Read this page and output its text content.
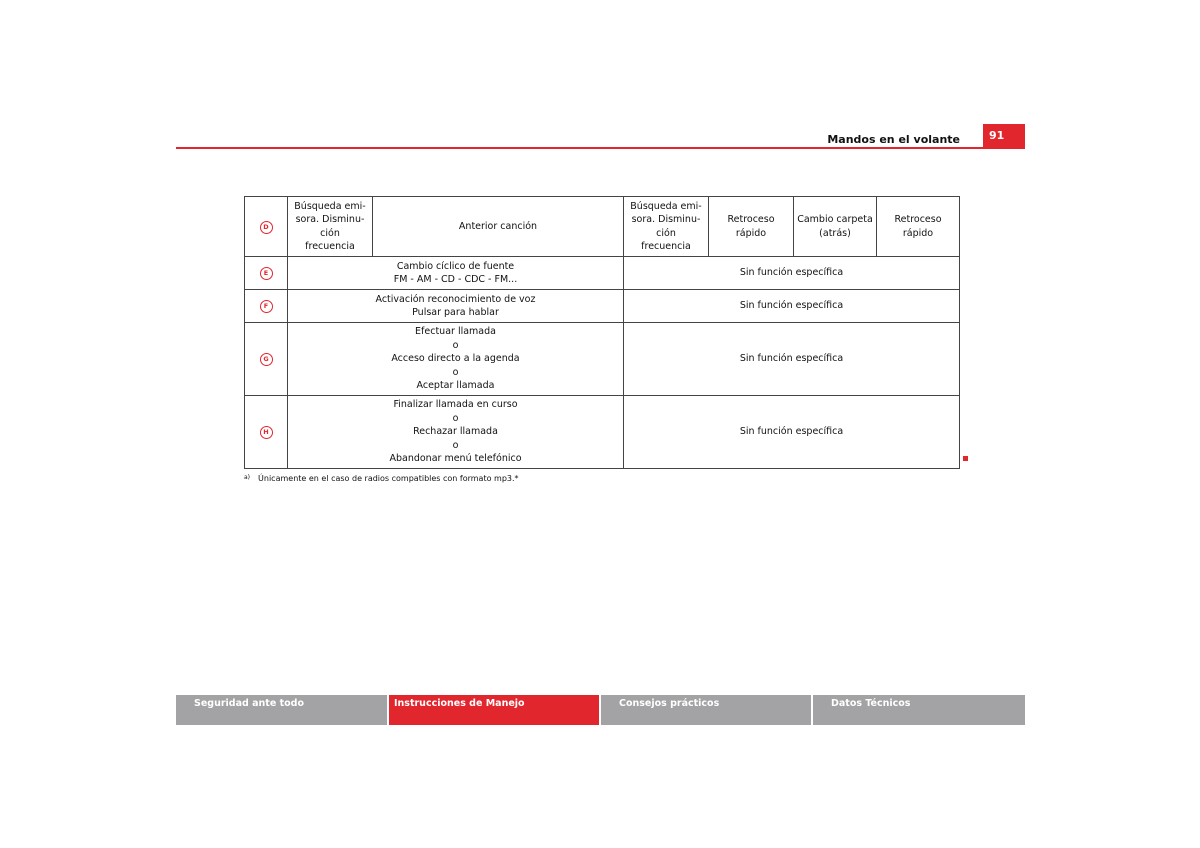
Mandos en el volante	91
D	Búsqueda emi-
sora. Disminu-
ción
frecuencia	Anterior canción	Búsqueda emi-
sora. Disminu-
ción
frecuencia	Retroceso rápido	Cambio carpeta
(atrás)	Retroceso rápido

E	Cambio cíclico de fuente
FM - AM - CD - CDC - FM...		Sin función específica			

F	Activación reconocimiento de voz
Pulsar para hablar		Sin función específica			

G	Efectuar llamada
o
Acceso directo a la agenda
o
Aceptar llamada		Sin función específica			

H	Finalizar llamada en curso
o
Rechazar llamada
o
Abandonar menú telefónico		Sin función específica			
$^{a)}$ Únicamente en el caso de radios compatibles con formato mp3.*
Seguridad ante todo	Instrucciones de Manejo	Consejos prácticos	Datos Técnicos
